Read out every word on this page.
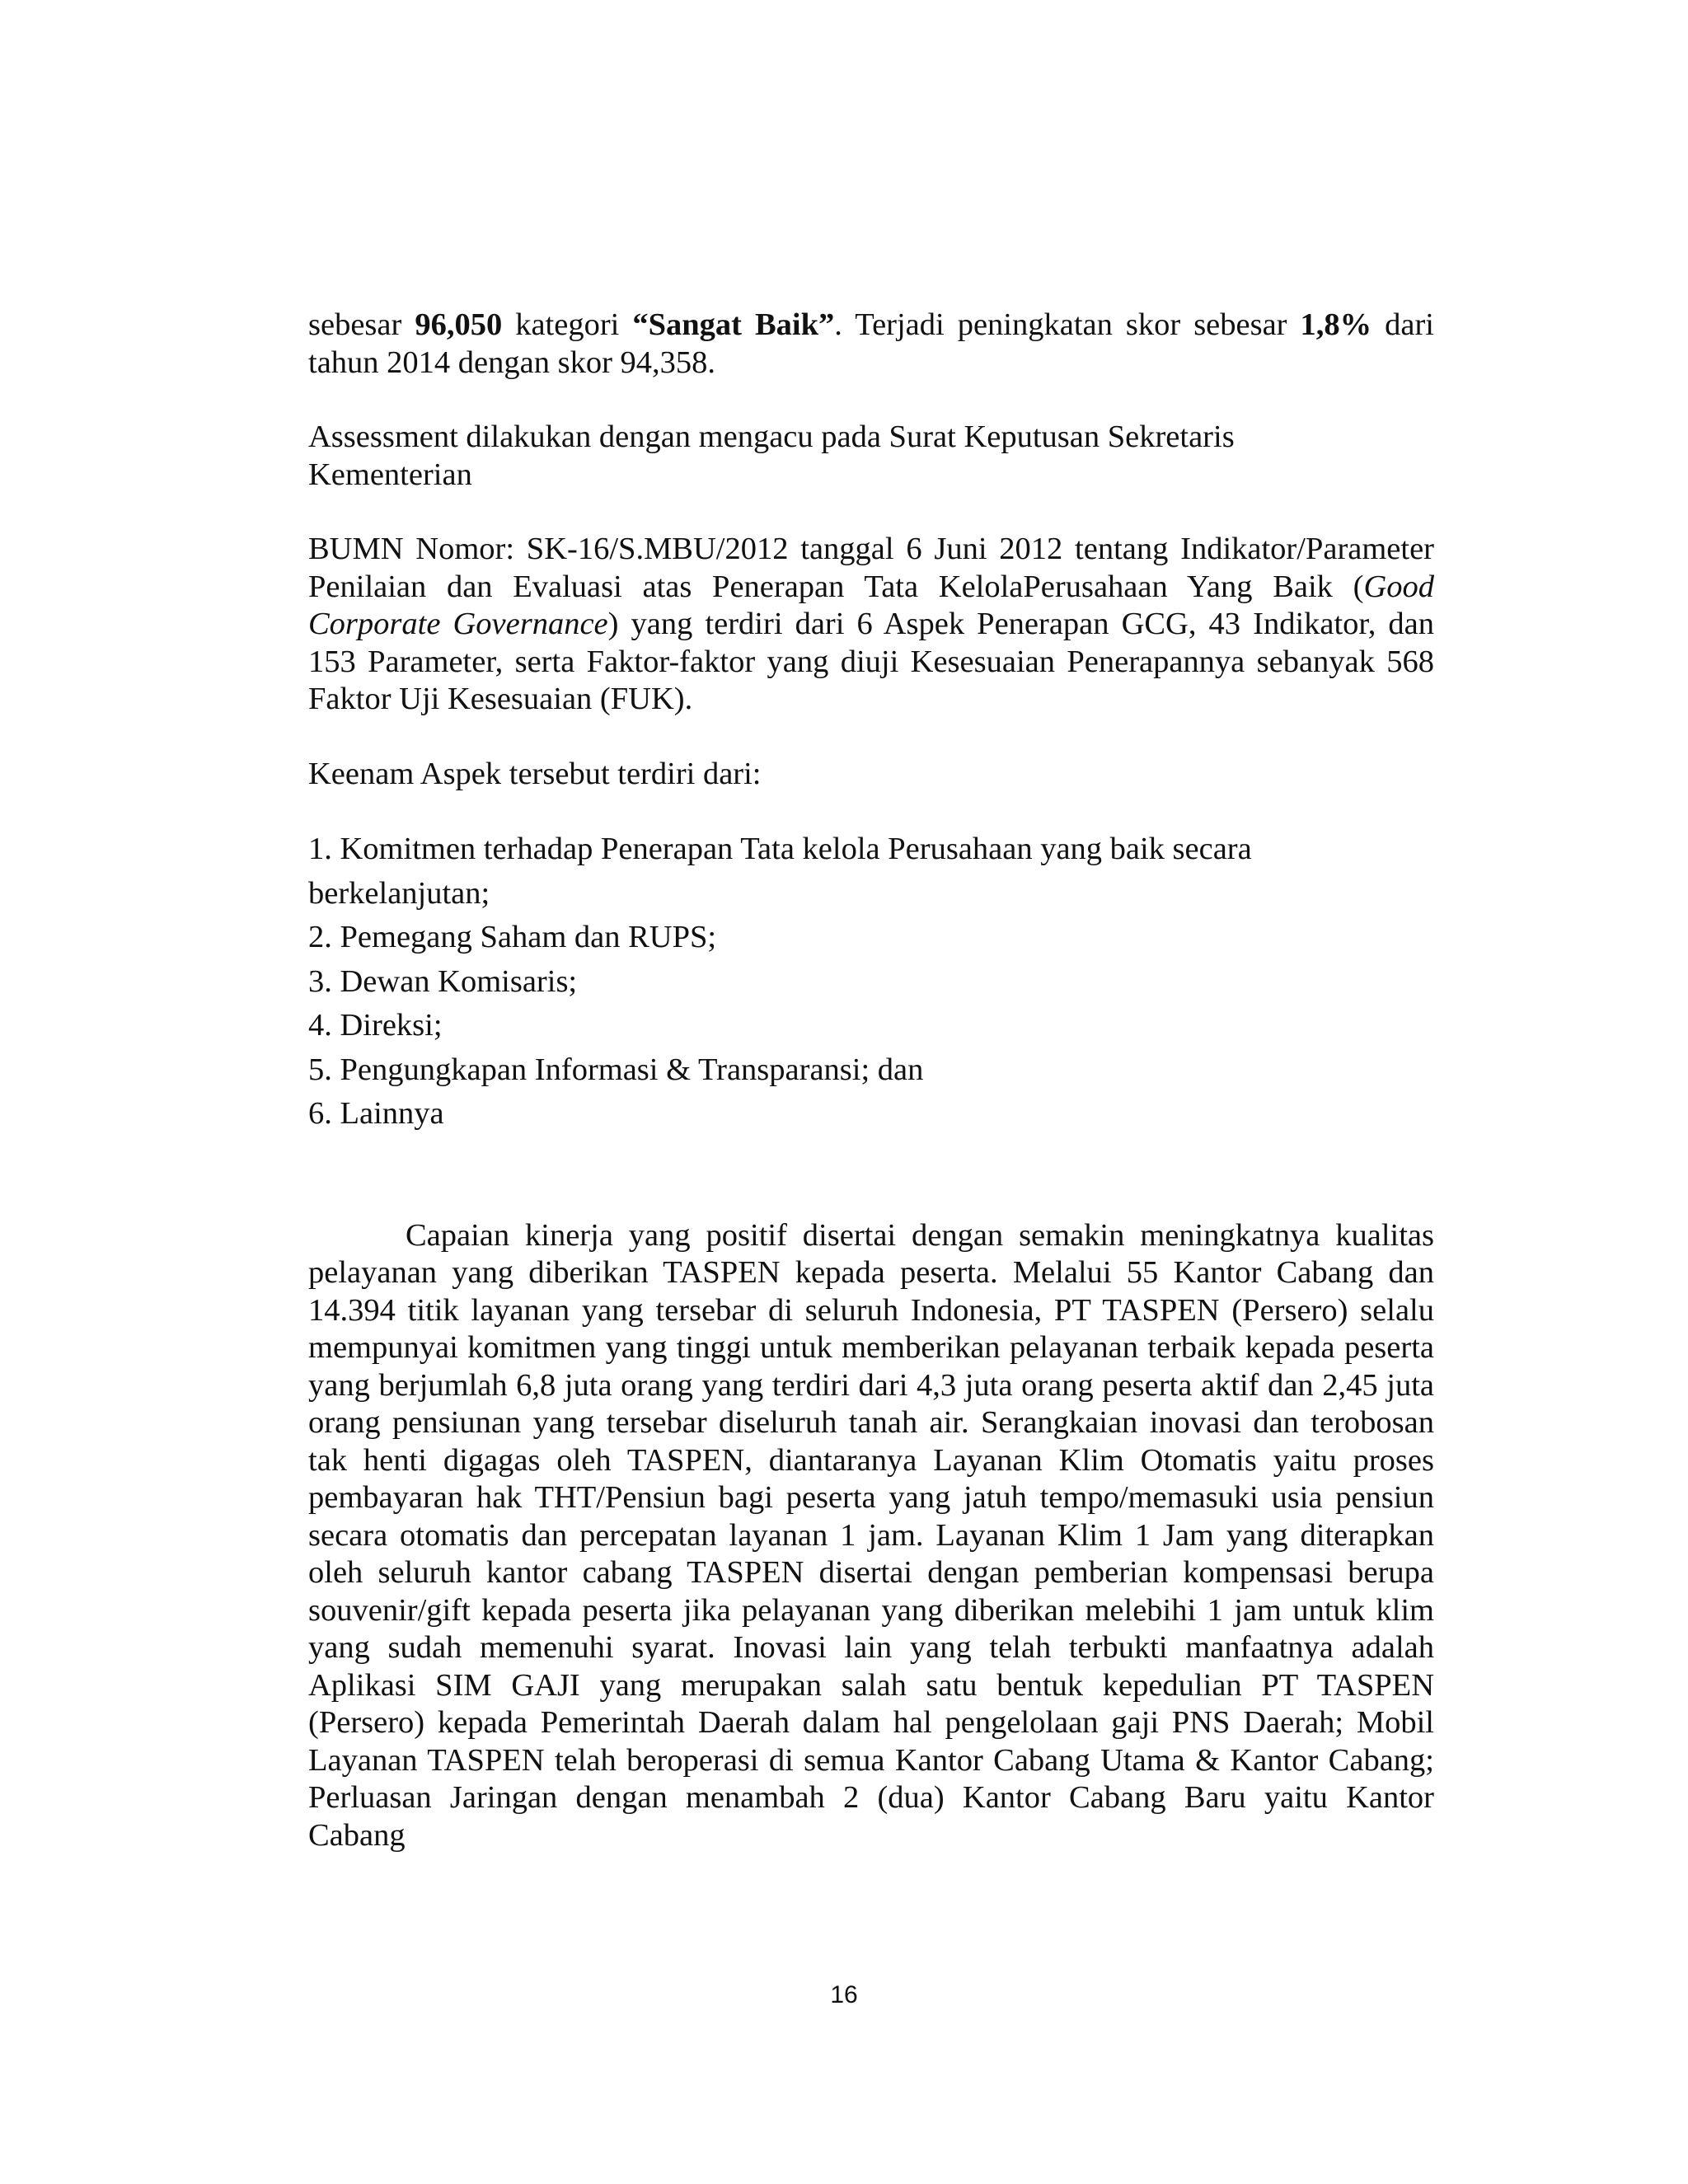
sebesar 96,050 kategori “Sangat Baik”. Terjadi peningkatan skor sebesar 1,8% dari tahun 2014 dengan skor 94,358.

Assessment dilakukan dengan mengacu pada Surat Keputusan Sekretaris
Kementerian

BUMN Nomor: SK-16/S.MBU/2012 tanggal 6 Juni 2012 tentang Indikator/Parameter Penilaian dan Evaluasi atas Penerapan Tata KelolaPerusahaan Yang Baik (Good Corporate Governance) yang terdiri dari 6 Aspek Penerapan GCG, 43 Indikator, dan 153 Parameter, serta Faktor-faktor yang diuji Kesesuaian Penerapannya sebanyak 568 Faktor Uji Kesesuaian (FUK).

Keenam Aspek tersebut terdiri dari:

1. Komitmen terhadap Penerapan Tata kelola Perusahaan yang baik secara
berkelanjutan;
2. Pemegang Saham dan RUPS;
3. Dewan Komisaris;
4. Direksi;
5. Pengungkapan Informasi & Transparansi; dan
6. Lainnya

Capaian kinerja yang positif disertai dengan semakin meningkatnya kualitas pelayanan yang diberikan TASPEN kepada peserta. Melalui 55 Kantor Cabang dan 14.394 titik layanan yang tersebar di seluruh Indonesia, PT TASPEN (Persero) selalu mempunyai komitmen yang tinggi untuk memberikan pelayanan terbaik kepada peserta yang berjumlah 6,8 juta orang yang terdiri dari 4,3 juta orang peserta aktif dan 2,45 juta orang pensiunan yang tersebar diseluruh tanah air. Serangkaian inovasi dan terobosan tak henti digagas oleh TASPEN, diantaranya Layanan Klim Otomatis yaitu proses pembayaran hak THT/Pensiun bagi peserta yang jatuh tempo/memasuki usia pensiun secara otomatis dan percepatan layanan 1 jam. Layanan Klim 1 Jam yang diterapkan oleh seluruh kantor cabang TASPEN disertai dengan pemberian kompensasi berupa souvenir/gift kepada peserta jika pelayanan yang diberikan melebihi 1 jam untuk klim yang sudah memenuhi syarat. Inovasi lain yang telah terbukti manfaatnya adalah Aplikasi SIM GAJI yang merupakan salah satu bentuk kepedulian PT TASPEN (Persero) kepada Pemerintah Daerah dalam hal pengelolaan gaji PNS Daerah; Mobil Layanan TASPEN telah beroperasi di semua Kantor Cabang Utama & Kantor Cabang; Perluasan Jaringan dengan menambah 2 (dua) Kantor Cabang Baru yaitu Kantor Cabang

16
